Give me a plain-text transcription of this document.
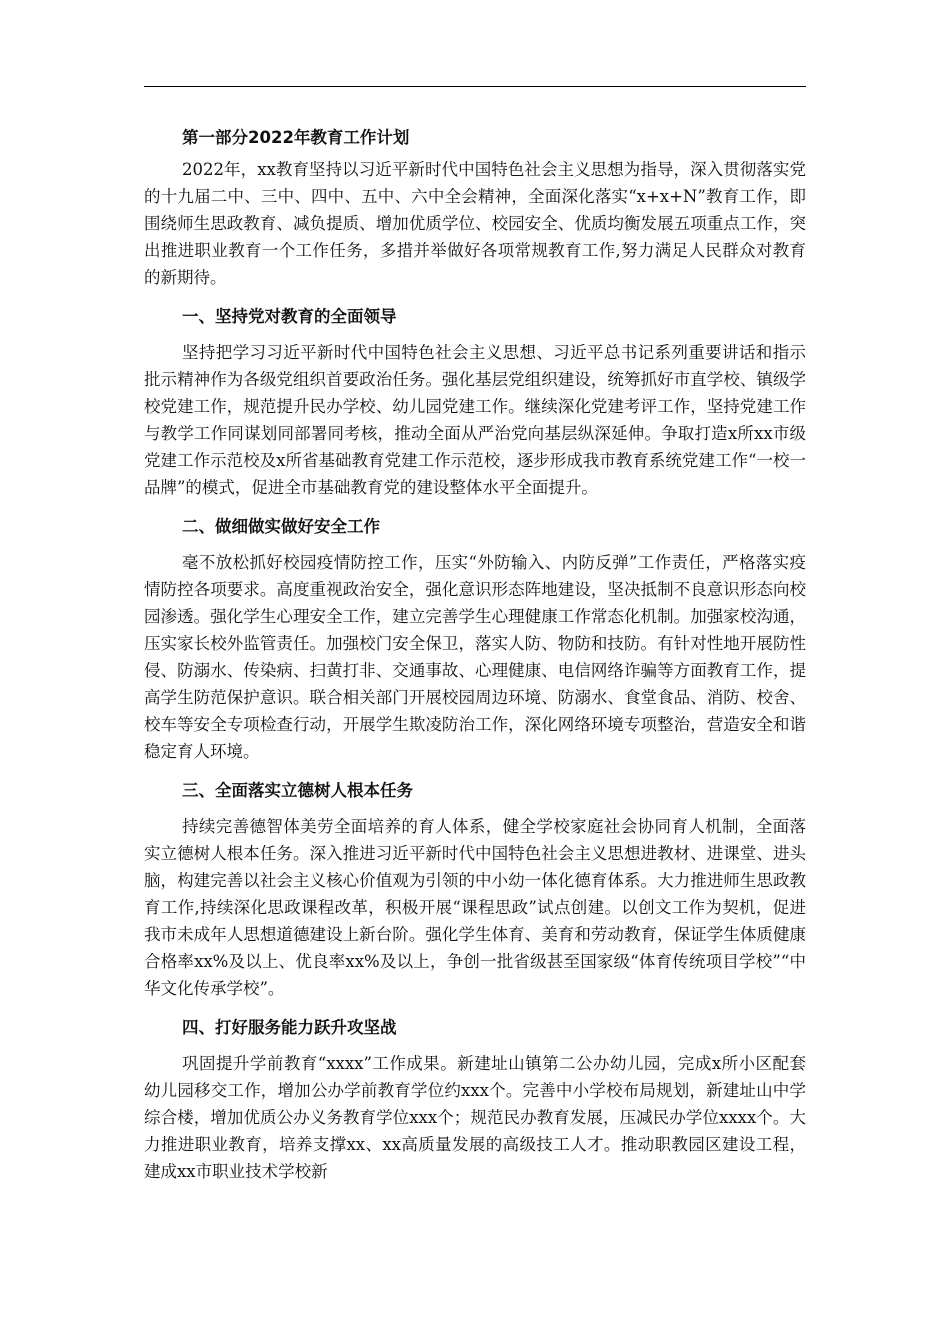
第一部分2022年教育工作计划

2022年，xx教育坚持以习近平新时代中国特色社会主义思想为指导，深入贯彻落实党的十九届二中、三中、四中、五中、六中全会精神，全面深化落实“x+x+N”教育工作，即围绕师生思政教育、减负提质、增加优质学位、校园安全、优质均衡发展五项重点工作，突出推进职业教育一个工作任务，多措并举做好各项常规教育工作,努力满足人民群众对教育的新期待。

一、坚持党对教育的全面领导

坚持把学习习近平新时代中国特色社会主义思想、习近平总书记系列重要讲话和指示批示精神作为各级党组织首要政治任务。强化基层党组织建设，统筹抓好市直学校、镇级学校党建工作，规范提升民办学校、幼儿园党建工作。继续深化党建考评工作，坚持党建工作与教学工作同谋划同部署同考核，推动全面从严治党向基层纵深延伸。争取打造x所xx市级党建工作示范校及x所省基础教育党建工作示范校，逐步形成我市教育系统党建工作“一校一品牌”的模式，促进全市基础教育党的建设整体水平全面提升。

二、做细做实做好安全工作

毫不放松抓好校园疫情防控工作，压实“外防输入、内防反弹”工作责任，严格落实疫情防控各项要求。高度重视政治安全，强化意识形态阵地建设，坚决抵制不良意识形态向校园渗透。强化学生心理安全工作，建立完善学生心理健康工作常态化机制。加强家校沟通，压实家长校外监管责任。加强校门安全保卫，落实人防、物防和技防。有针对性地开展防性侵、防溺水、传染病、扫黄打非、交通事故、心理健康、电信网络诈骗等方面教育工作，提高学生防范保护意识。联合相关部门开展校园周边环境、防溺水、食堂食品、消防、校舍、校车等安全专项检查行动，开展学生欺凌防治工作，深化网络环境专项整治，营造安全和谐稳定育人环境。

三、全面落实立德树人根本任务

持续完善德智体美劳全面培养的育人体系，健全学校家庭社会协同育人机制，全面落实立德树人根本任务。深入推进习近平新时代中国特色社会主义思想进教材、进课堂、进头脑，构建完善以社会主义核心价值观为引领的中小幼一体化德育体系。大力推进师生思政教育工作,持续深化思政课程改革，积极开展“课程思政”试点创建。以创文工作为契机，促进我市未成年人思想道德建设上新台阶。强化学生体育、美育和劳动教育，保证学生体质健康合格率xx%及以上、优良率xx%及以上，争创一批省级甚至国家级“体育传统项目学校”“中华文化传承学校”。

四、打好服务能力跃升攻坚战

巩固提升学前教育“xxxx”工作成果。新建址山镇第二公办幼儿园，完成x所小区配套幼儿园移交工作，增加公办学前教育学位约xxx个。完善中小学校布局规划，新建址山中学综合楼，增加优质公办义务教育学位xxx个；规范民办教育发展，压减民办学位xxxx个。大力推进职业教育，培养支撑xx、xx高质量发展的高级技工人才。推动职教园区建设工程，建成xx市职业技术学校新
